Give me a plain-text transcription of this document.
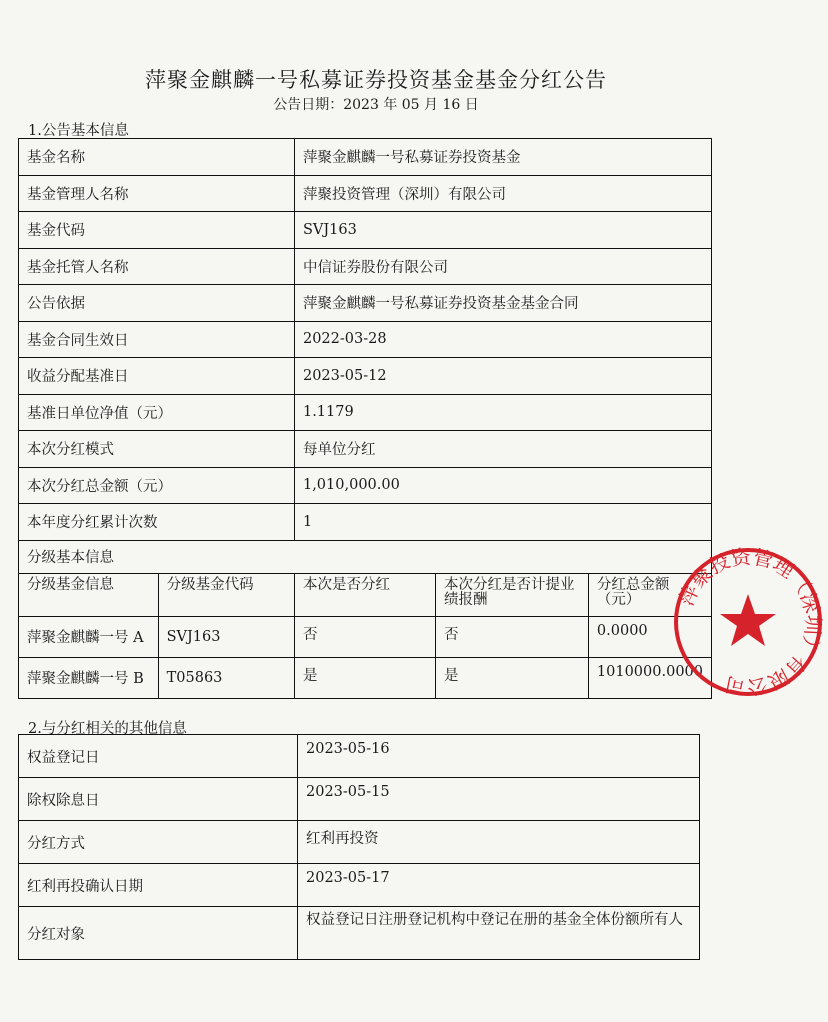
萍聚金麒麟一号私募证券投资基金基金分红公告
公告日期：2023 年 05 月 16 日
1.公告基本信息
基金名称		萍聚金麒麟一号私募证券投资基金		
基金管理人名称		萍聚投资管理（深圳）有限公司		
基金代码		SVJ163		
基金托管人名称		中信证券股份有限公司		
公告依据		萍聚金麒麟一号私募证券投资基金基金合同		
基金合同生效日		2022-03-28		
收益分配基准日		2023-05-12		
基准日单位净值（元）		1.1179		
本次分红模式		每单位分红		
本次分红总金额（元）		1,010,000.00		
本年度分红累计次数		1		
分级基本信息				
分级基金信息	分级基金代码	本次是否分红	本次分红是否计提业绩报酬	分红总金额（元）
萍聚金麒麟一号 A	SVJ163	否	否	0.0000
萍聚金麒麟一号 B	T05863	是	是	1010000.0000
2.与分红相关的其他信息
权益登记日	2023-05-16
除权除息日	2023-05-15
分红方式	红利再投资
红利再投确认日期	2023-05-17
分红对象	权益登记日注册登记机构中登记在册的基金全体份额所有人
萍聚投资管理（深圳）有限公司
